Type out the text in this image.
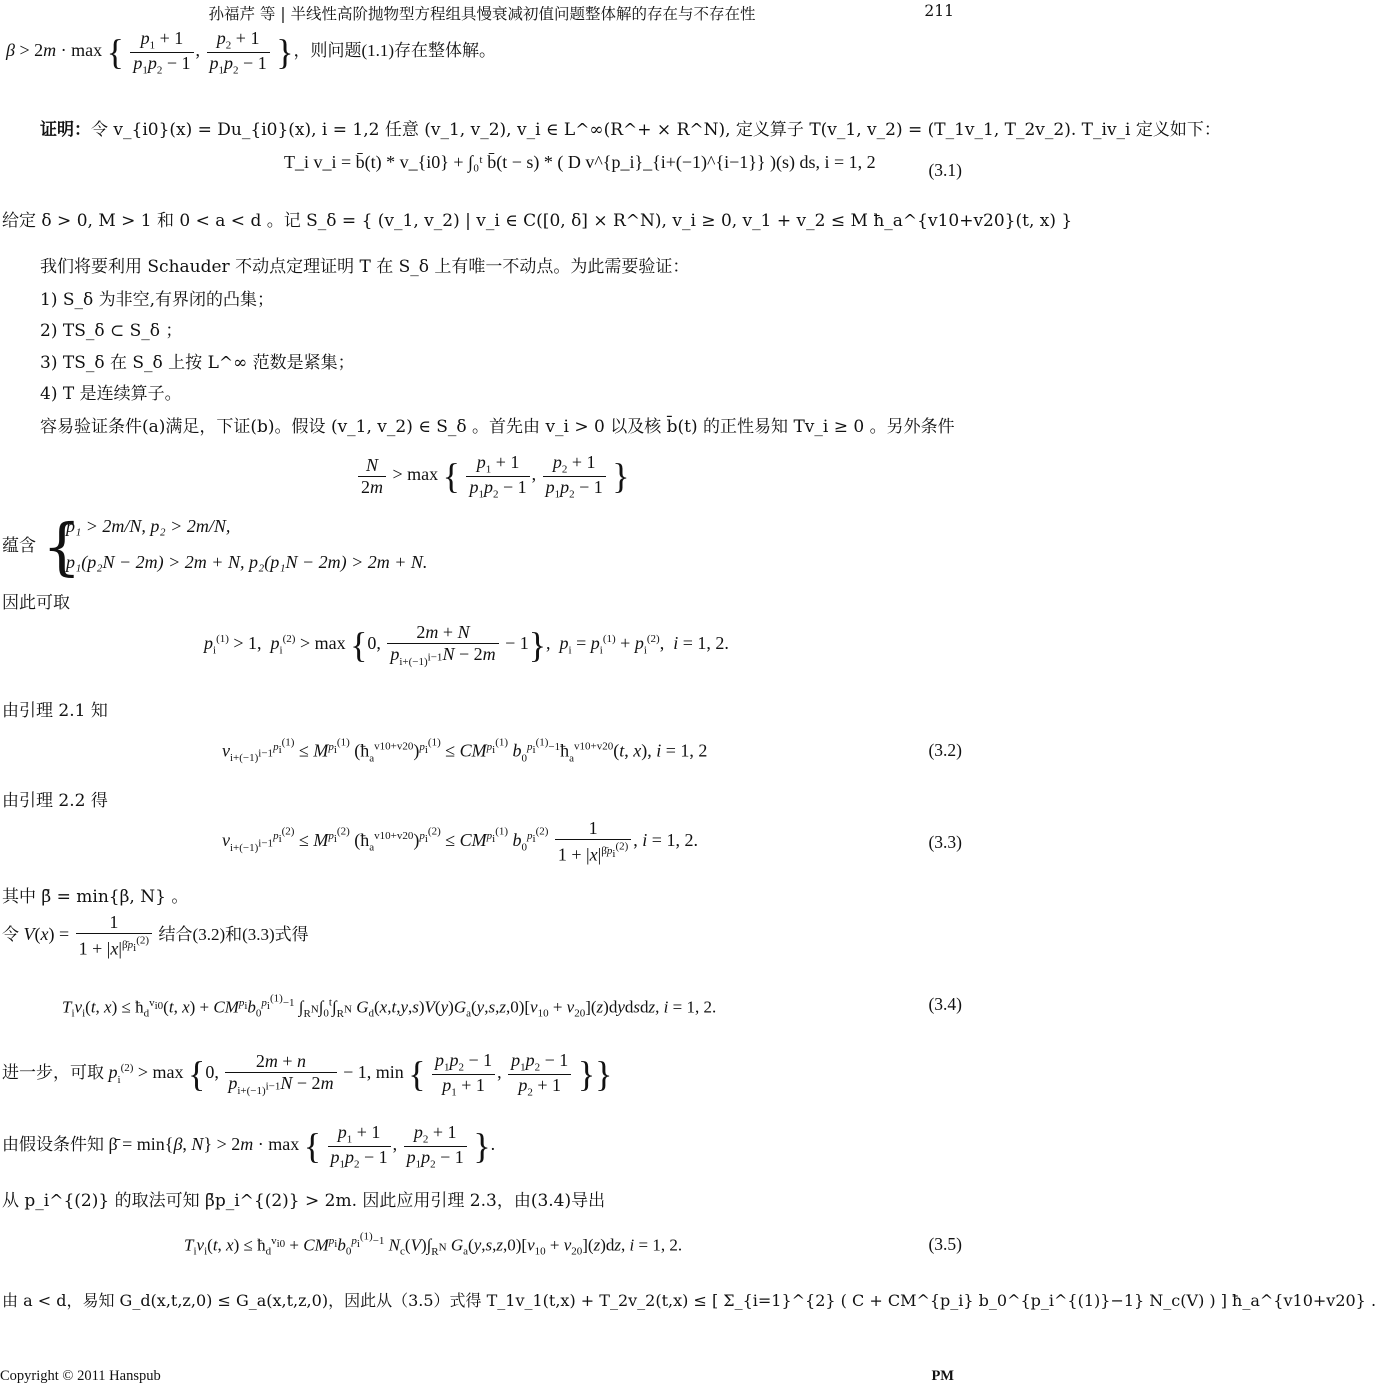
孙福芹 等 | 半线性高阶抛物型方程组具慢衰减初值问题整体解的存在与不存在性	211
β > 2m · max { $\frac{p_1 + 1}{p_1p_2 - 1}$ , $\frac{p_2 + 1}{p_1p_2 - 1}$ }，则问题(1.1)存在整体解。
证明：令 v_{i0}(x) = Du_{i0}(x), i = 1,2 任意 (v_1, v_2), v_i ∈ L^∞(R^+ × R^N), 定义算子 T(v_1, v_2) = (T_1v_1, T_2v_2). T_iv_i 定义如下：
T_i v_i = b̄(t) * v_{i0} + ∫₀ᵗ b̄(t − s) * ( D v^{p_i}_{i+(−1)^{i−1}} )(s) ds, i = 1, 2	(3.1)
给定 δ > 0, M > 1 和 0 < a < d 。记 S_δ = { (v_1, v_2) | v_i ∈ C([0, δ] × R^N), v_i ≥ 0, v_1 + v_2 ≤ M ħ_a^{v10+v20}(t, x) }
我们将要利用 Schauder 不动点定理证明 T 在 S_δ 上有唯一不动点。为此需要验证：
1) S_δ 为非空,有界闭的凸集；
2) TS_δ ⊂ S_δ ；
3) TS_δ 在 S_δ 上按 L^∞ 范数是紧集；
4) T 是连续算子。
容易验证条件(a)满足，下证(b)。假设 (v_1, v_2) ∈ S_δ 。首先由 v_i > 0 以及核 b̄(t) 的正性易知 Tv_i ≥ 0 。另外条件
$\frac{N}{2m} > \max$ { $\frac{p_1 + 1}{p_1p_2 - 1}$ , $\frac{p_2 + 1}{p_1p_2 - 1}$ }
蕴含 {
p₁ > 2m/N, p₂ > 2m/N,
p₁(p₂N − 2m) > 2m + N, p₂(p₁N − 2m) > 2m + N.
因此可取
$p_i^{(1)} > 1$,  $p_i^{(2)} > \max \{0$, $\frac{2m + N}{p_{i+(-1)^{i-1}}N - 2m} - 1$},  $p_i = p_i^{(1)} + p_i^{(2)}$,  i = 1, 2.
由引理 2.1 知
$v_{i+(-1)^{i-1}}^{p_i^{(1)}} \le M^{p_i^{(1)}}$ $(ħ_a^{v10+v20})^{p_i^{(1)}} \le CM^{p_i^{(1)}}$ $b_0^{p_i^{(1)}-1}ħ_a^{v10+v20}(t$, x), i = 1, 2	(3.2)
由引理 2.2 得
$v_{i+(-1)^{i-1}}^{p_i^{(2)}} \le M^{p_i^{(2)}}$ $(ħ_a^{v10+v20})^{p_i^{(2)}} \le CM^{p_i^{(1)}}$ $b_0^{p_i^{(2)}} \frac{1}{1 + |x|^{\betāp_i^{(2)}}}$ , i = 1, 2.	(3.3)
其中 β̄ = min{β, N} 。
令 $V(x) = \frac{1}{1 + |x|^{\betāp_i^{(2)}}}$ 结合(3.2)和(3.3)式得
$T_iv_i(t$, $x) \le ħ_d^{v_{i0}}(t$, $x) + CM^{p_i}b_0^{p_i^{(1)}-1}$ $\int_{R^N}\int_0^t\int_{R^N}$ $G_d(x,t,y,s)V(y)G_a(y,s,z,0)[v_{10}$ + $v_{20}](z)dydsdz$, i = 1, 2.	(3.4)
进一步，可取 $p_i^{(2)} > \max \{0$, $\frac{2m + n}{p_{i+(-1)^{i-1}}N - 2m} - 1$, min { $\frac{p_1p_2 - 1}{p_1 + 1}$ , $\frac{p_1p_2 - 1}{p_2 + 1}$ }}
由假设条件知 β̄ = min{β, N} > 2m · max { $\frac{p_1 + 1}{p_1p_2 - 1}$ , $\frac{p_2 + 1}{p_1p_2 - 1}$ }.
从 p_i^{(2)} 的取法可知 β̄p_i^{(2)} > 2m. 因此应用引理 2.3，由(3.4)导出
$T_iv_i(t$, $x) \le ħ_d^{v_{i0}} + CM^{p_i}b_0^{p_i^{(1)}-1}$ $N_c(V)\int_{R^N}$ $G_a(y,s,z,0)[v_{10} + v_{20}](z)dz$, i = 1, 2.	(3.5)
由 a < d，易知 G_d(x,t,z,0) ≤ G_a(x,t,z,0)，因此从（3.5）式得 T_1v_1(t,x) + T_2v_2(t,x) ≤ [ Σ_{i=1}^{2} ( C + CM^{p_i} b_0^{p_i^{(1)}−1} N_c(V) ) ] ħ_a^{v10+v20} .
Copyright © 2011 Hanspub	PM
